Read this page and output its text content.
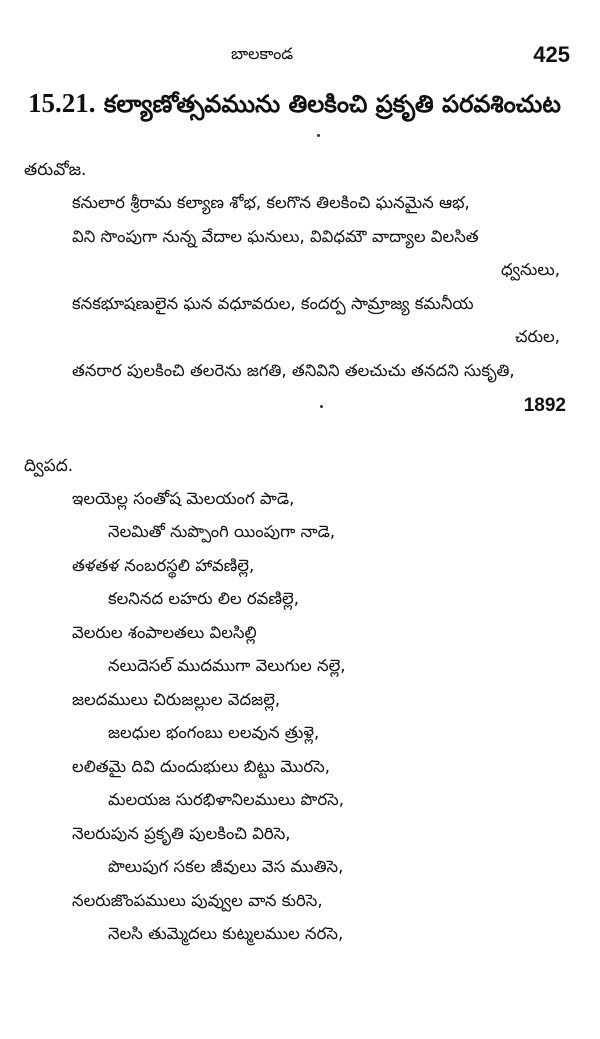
బాలకాండ	425
15.21. కల్యాణోత్సవమును తిలకించి ప్రకృతి పరవశించుట
తరువోజ.
కనులార శ్రీరామ కల్యాణ శోభ, కలగొన తిలకించి ఘనమైన ఆభ,
విని సొంపుగా నున్న వేదాల ఘనులు, వివిధమౌ వాద్యాల విలసిత
ధ్వనులు,
కనకభూషణులైన ఘన వధూవరుల, కందర్ప సామ్రాజ్య కమనీయ
చరుల,
తనరార పులకించి తలరెను జగతి, తనివిని తలచుచు తనదని సుకృతి,
1892
ద్విపద.
ఇలయెల్ల సంతోష మెలయంగ పాడె,
నెలమితో నుప్పొంగి యింపుగా నాడె,
తళతళ నంబరస్థలి హావణిల్లె,
కలనినద లహరు లిల రవణిల్లె,
వెలరుల శంపాలతలు విలసిల్లి
నలుదెసల్ ముదముగా వెలుగుల నల్లె,
జలదములు చిరుజల్లుల వెదజల్లె,
జలధుల భంగంబు లలవున త్రుళ్లె,
లలితమై దివి దుందుభులు బిట్టు మొరసె,
మలయజ సురభిళానిలములు పొరసె,
నెలరుపున ప్రకృతి పులకించి విరిసె,
పొలుపుగ సకల జీవులు వెస ముతిసె,
నలరుజొంపములు పువ్వుల వాన కురిసె,
నెలసి తుమ్మెదలు కుట్మలముల నరసె,
